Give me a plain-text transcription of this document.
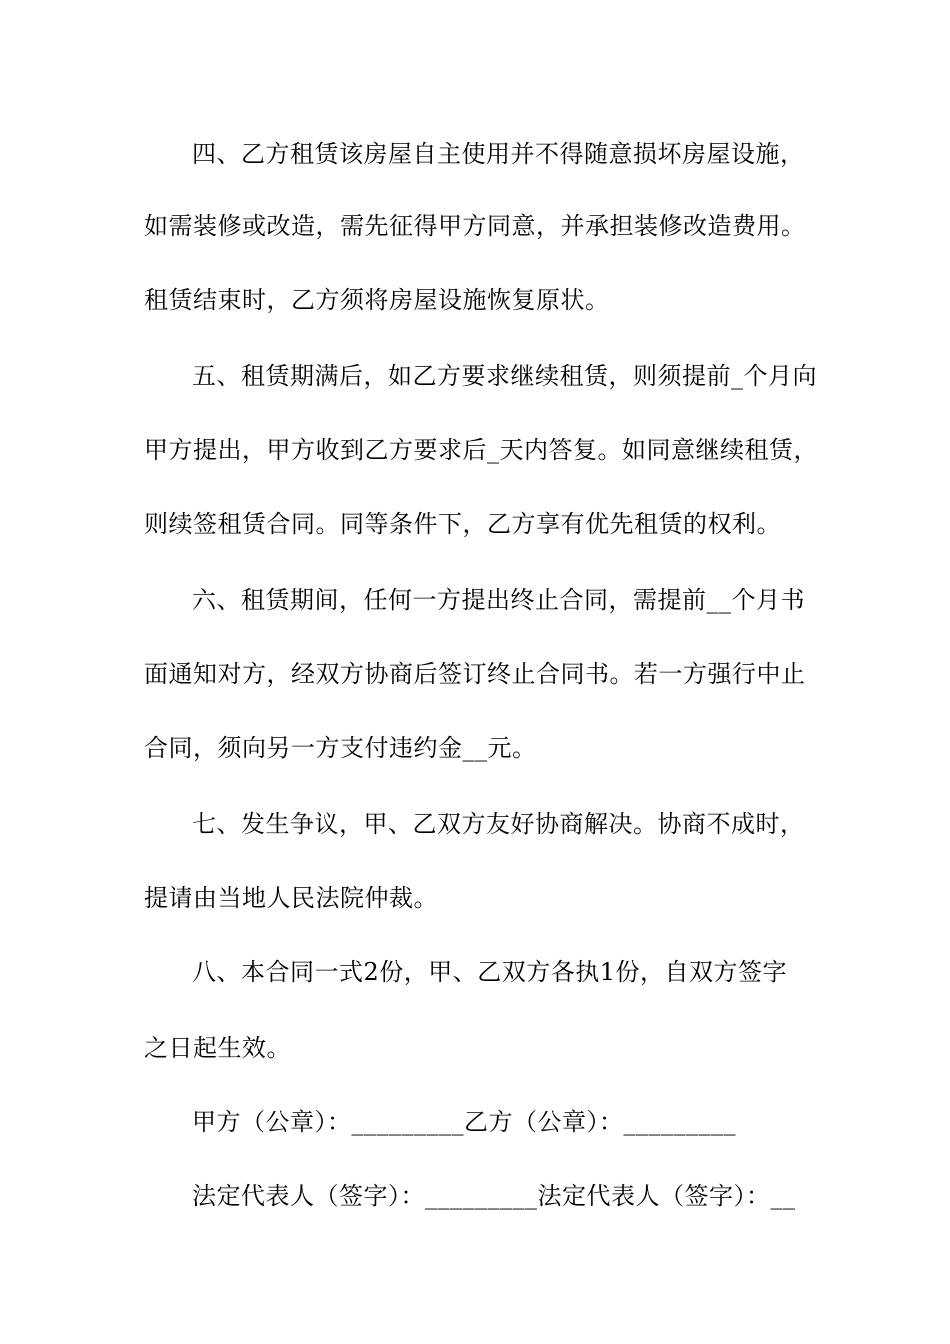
四、乙方租赁该房屋自主使用并不得随意损坏房屋设施，
如需装修或改造，需先征得甲方同意，并承担装修改造费用。
租赁结束时，乙方须将房屋设施恢复原状。
五、租赁期满后，如乙方要求继续租赁，则须提前_个月向
甲方提出，甲方收到乙方要求后_天内答复。如同意继续租赁，
则续签租赁合同。同等条件下，乙方享有优先租赁的权利。
六、租赁期间，任何一方提出终止合同，需提前__个月书
面通知对方，经双方协商后签订终止合同书。若一方强行中止
合同，须向另一方支付违约金__元。
七、发生争议，甲、乙双方友好协商解决。协商不成时，
提请由当地人民法院仲裁。
八、本合同一式2份，甲、乙双方各执1份，自双方签字
之日起生效。
甲方（公章）：_________乙方（公章）：_________
法定代表人（签字）：_________法定代表人（签字）：__
